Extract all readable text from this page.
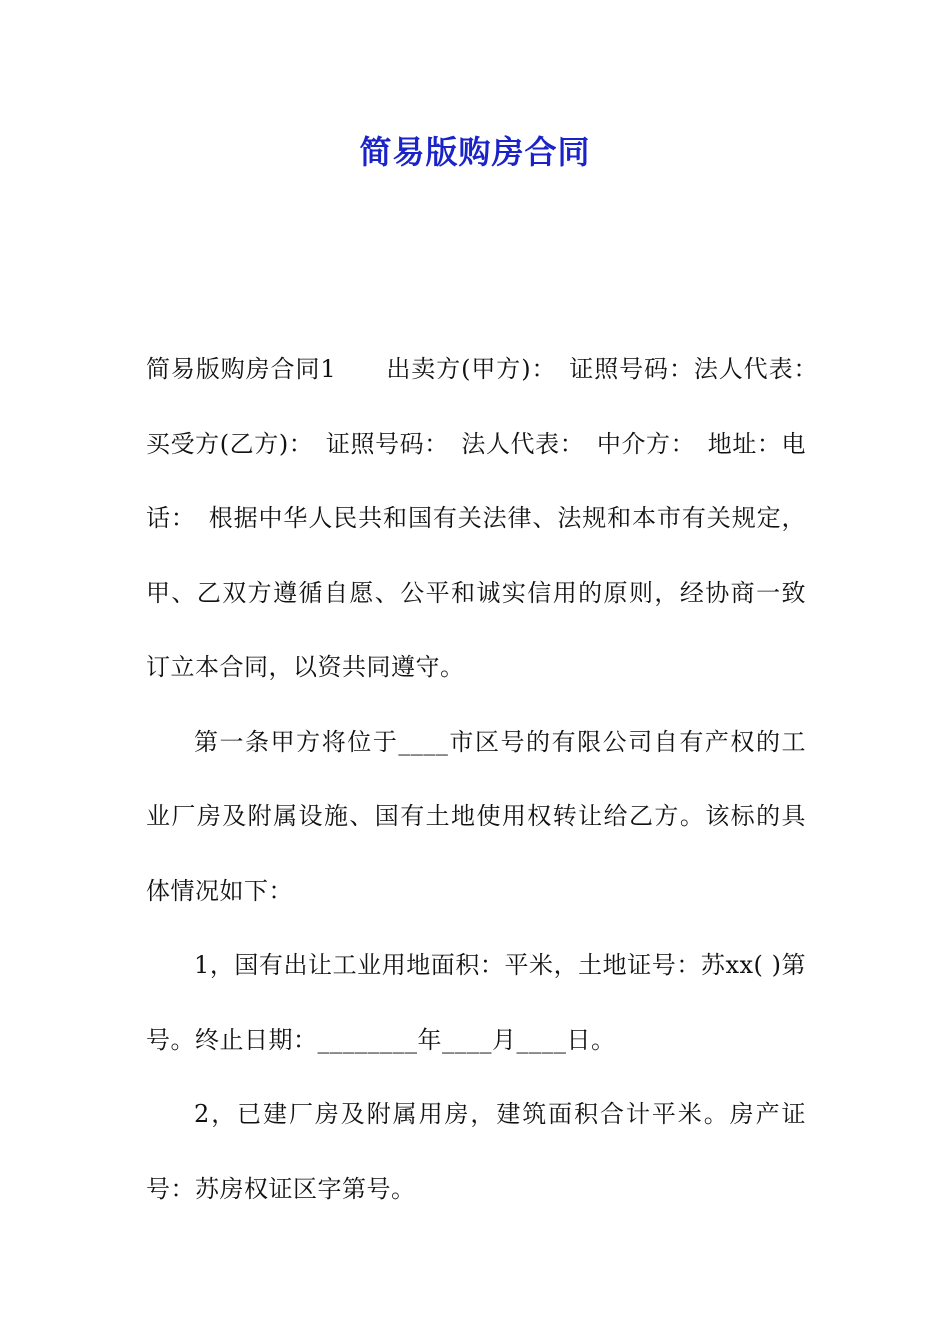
简易版购房合同

简易版购房合同1　　出卖方(甲方)：　证照号码：法人代表：　买受方(乙方)：　证照号码：　法人代表：　中介方：　地址：电话：　根据中华人民共和国有关法律、法规和本市有关规定，甲、乙双方遵循自愿、公平和诚实信用的原则，经协商一致订立本合同，以资共同遵守。

第一条甲方将位于____市区号的有限公司自有产权的工业厂房及附属设施、国有土地使用权转让给乙方。该标的具体情况如下：

1，国有出让工业用地面积：平米，土地证号：苏xx( )第号。终止日期：________年____月____日。

2，已建厂房及附属用房，建筑面积合计平米。房产证号：苏房权证区字第号。
